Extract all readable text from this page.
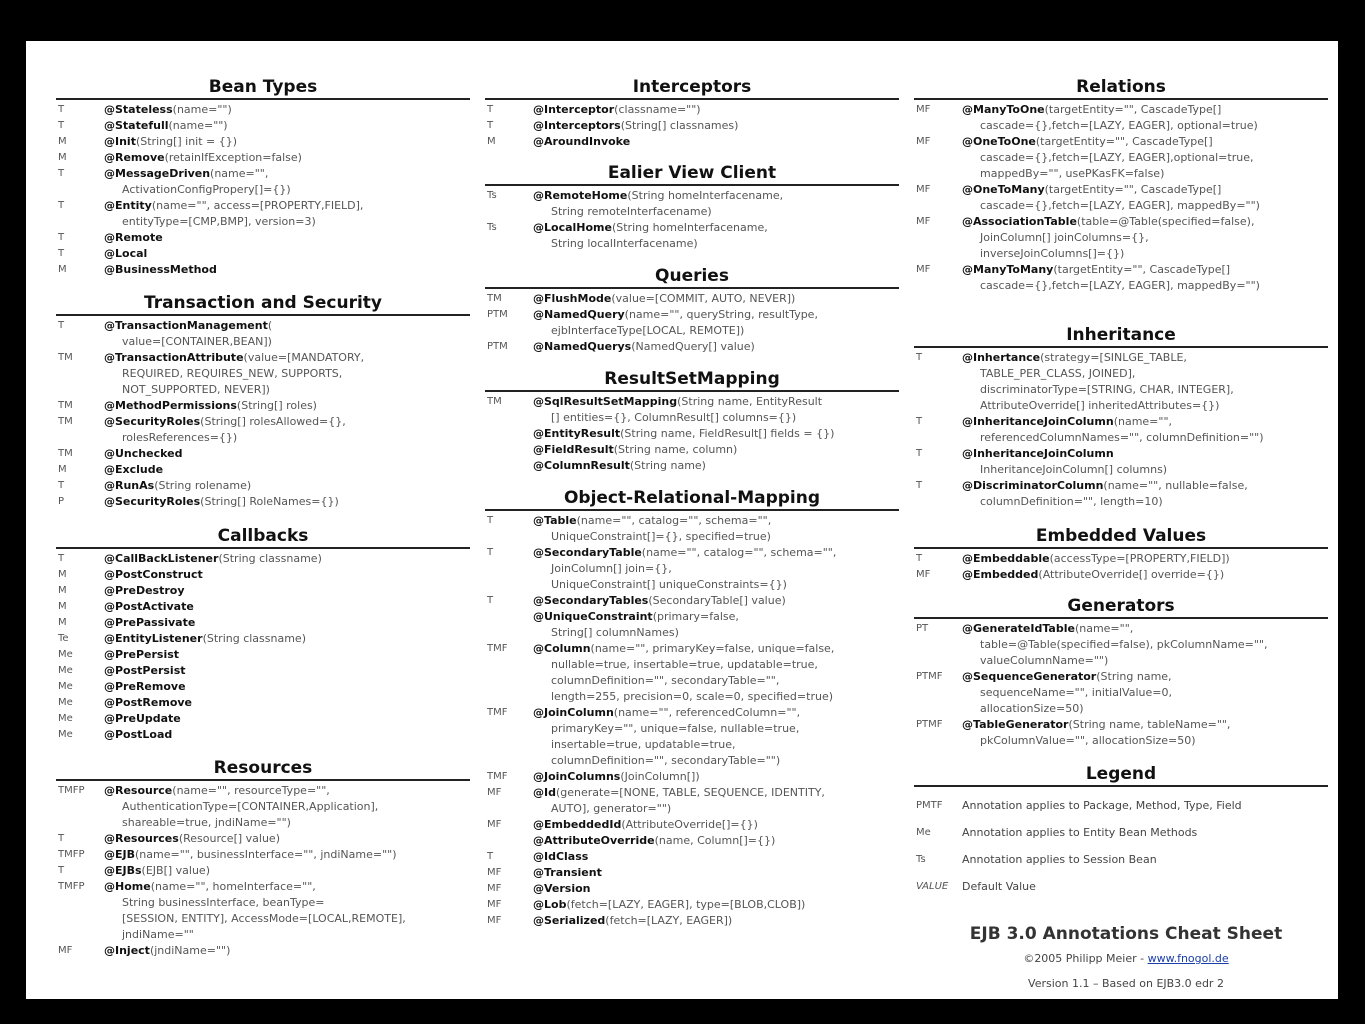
Bean Types
T	@Stateless(name="")
T	@Statefull(name="")
M	@Init(String[] init = {})
M	@Remove(retainIfException=false)
T	@MessageDriven(name="",
ActivationConfigPropery[]={})
T	@Entity(name="", access=[PROPERTY,FIELD],
entityType=[CMP,BMP], version=3)
T	@Remote
T	@Local
M	@BusinessMethod
Transaction and Security
T	@TransactionManagement(
value=[CONTAINER,BEAN])
TM	@TransactionAttribute(value=[MANDATORY,
REQUIRED, REQUIRES_NEW, SUPPORTS,
NOT_SUPPORTED, NEVER])
TM	@MethodPermissions(String[] roles)
TM	@SecurityRoles(String[] rolesAllowed={},
rolesReferences={})
TM	@Unchecked
M	@Exclude
T	@RunAs(String rolename)
P	@SecurityRoles(String[] RoleNames={})
Callbacks
T	@CallBackListener(String classname)
M	@PostConstruct
M	@PreDestroy
M	@PostActivate
M	@PrePassivate
Te	@EntityListener(String classname)
Me	@PrePersist
Me	@PostPersist
Me	@PreRemove
Me	@PostRemove
Me	@PreUpdate
Me	@PostLoad
Resources
TMFP @Resource(name="", resourceType="",
AuthenticationType=[CONTAINER,Application],
shareable=true, jndiName="")
T	@Resources(Resource[] value)
TMFP @EJB(name="", businessInterface="", jndiName="")
T	@EJBs(EJB[] value)
TMFP @Home(name="", homeInterface="",
String businessInterface, beanType=
[SESSION, ENTITY], AccessMode=[LOCAL,REMOTE],
jndiName=""
MF	@Inject(jndiName="")
Interceptors
T	@Interceptor(classname="")
T	@Interceptors(String[] classnames)
M	@AroundInvoke
Ealier View Client
Ts	@RemoteHome(String homeInterfacename,
String remoteInterfacename)
Ts	@LocalHome(String homeInterfacename,
String localInterfacename)
Queries
TM	@FlushMode(value=[COMMIT, AUTO, NEVER])
PTM @NamedQuery(name="", queryString, resultType,
ejbInterfaceType[LOCAL, REMOTE])
PTM @NamedQuerys(NamedQuery[] value)
ResultSetMapping
TM	@SqlResultSetMapping(String name, EntityResult
[] entities={}, ColumnResult[] columns={})
@EntityResult(String name, FieldResult[] fields = {})
@FieldResult(String name, column)
@ColumnResult(String name)
Object-Relational-Mapping
T	@Table(name="", catalog="", schema="",
UniqueConstraint[]={}, specified=true)
T	@SecondaryTable(name="", catalog="", schema="",
JoinColumn[] join={},
UniqueConstraint[] uniqueConstraints={})
T	@SecondaryTables(SecondaryTable[] value)
@UniqueConstraint(primary=false,
String[] columnNames)
TMF @Column(name="", primaryKey=false, unique=false,
nullable=true, insertable=true, updatable=true,
columnDefinition="", secondaryTable="",
length=255, precision=0, scale=0, specified=true)
TMF @JoinColumn(name="", referencedColumn="",
primaryKey="", unique=false, nullable=true,
insertable=true, updatable=true,
columnDefinition="", secondaryTable="")
TMF @JoinColumns(JoinColumn[])
MF	@Id(generate=[NONE, TABLE, SEQUENCE, IDENTITY,
AUTO], generator="")
MF	@EmbeddedId(AttributeOverride[]={})
@AttributeOverride(name, Column[]={})
T	@IdClass
MF	@Transient
MF	@Version
MF	@Lob(fetch=[LAZY, EAGER], type=[BLOB,CLOB])
MF	@Serialized(fetch=[LAZY, EAGER])
Relations
MF	@ManyToOne(targetEntity="", CascadeType[]
cascade={},fetch=[LAZY, EAGER], optional=true)
MF	@OneToOne(targetEntity="", CascadeType[]
cascade={},fetch=[LAZY, EAGER],optional=true,
mappedBy="", usePKasFK=false)
MF	@OneToMany(targetEntity="", CascadeType[]
cascade={},fetch=[LAZY, EAGER], mappedBy="")
MF	@AssociationTable(table=@Table(specified=false),
JoinColumn[] joinColumns={},
inverseJoinColumns[]={})
MF	@ManyToMany(targetEntity="", CascadeType[]
cascade={},fetch=[LAZY, EAGER], mappedBy="")
Inheritance
T	@Inhertance(strategy=[SINLGE_TABLE,
TABLE_PER_CLASS, JOINED],
discriminatorType=[STRING, CHAR, INTEGER],
AttributeOverride[] inheritedAttributes={})
T	@InheritanceJoinColumn(name="",
referencedColumnNames="", columnDefinition="")
T	@InheritanceJoinColumn
InheritanceJoinColumn[] columns)
T	@DiscriminatorColumn(name="", nullable=false,
columnDefinition="", length=10)
Embedded Values
T	@Embeddable(accessType=[PROPERTY,FIELD])
MF	@Embedded(AttributeOverride[] override={})
Generators
PT	@GenerateIdTable(name="",
table=@Table(specified=false), pkColumnName="",
valueColumnName="")
PTMF @SequenceGenerator(String name,
sequenceName="", initialValue=0,
allocationSize=50)
PTMF @TableGenerator(String name, tableName="",
pkColumnValue="", allocationSize=50)
Legend
PMTF Annotation applies to Package, Method, Type, Field
Me	Annotation applies to Entity Bean Methods
Ts	Annotation applies to Session Bean
VALUE Default Value
EJB 3.0 Annotations Cheat Sheet
©2005 Philipp Meier - www.fnogol.de
Version 1.1 – Based on EJB3.0 edr 2
